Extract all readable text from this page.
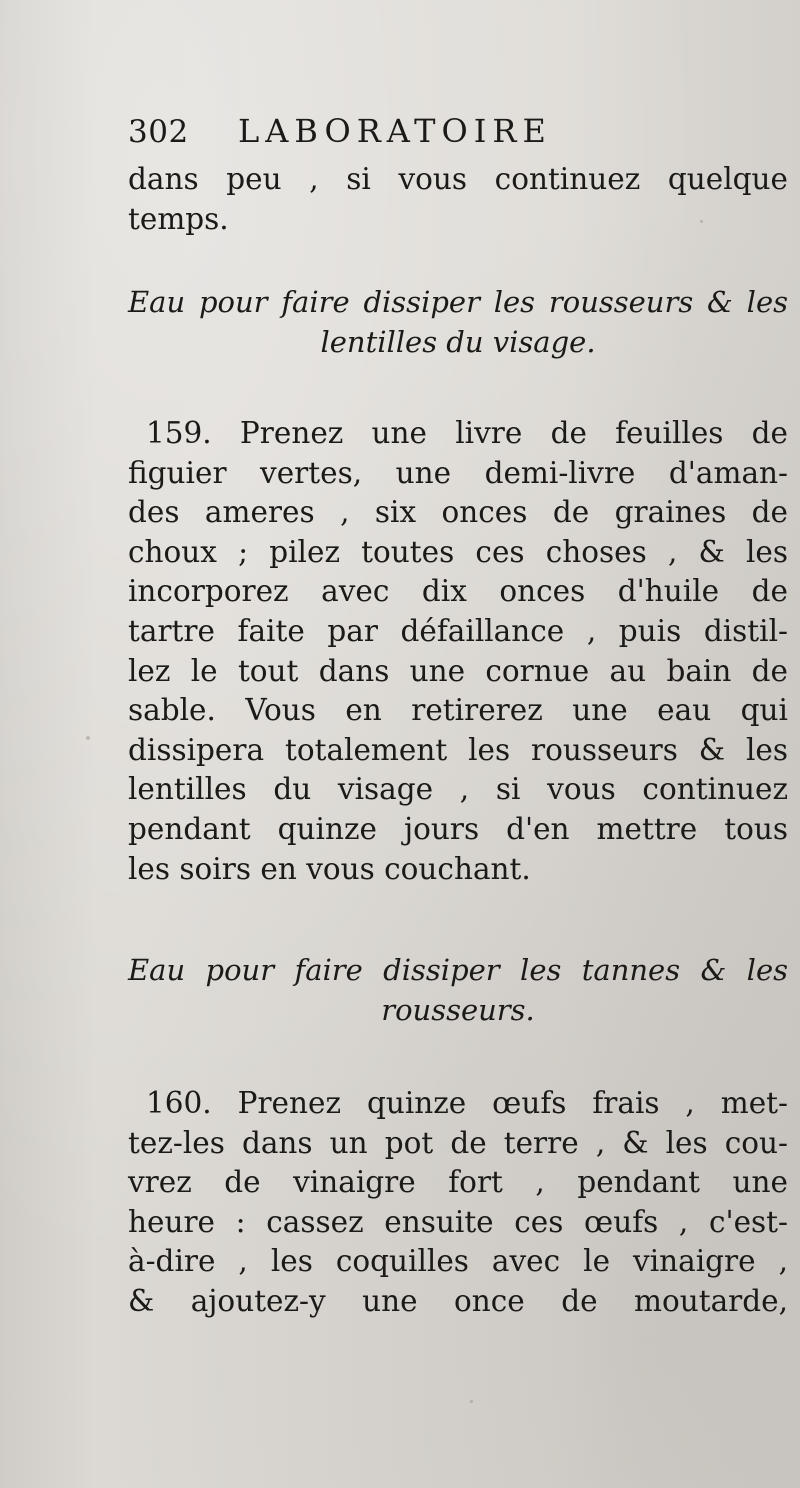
302	LABORATOIRE

dans peu , si vous continuez quelque
temps.

Eau pour faire dissiper les rousseurs & les
lentilles du visage.

159. Prenez une livre de feuilles de
figuier vertes, une demi-livre d'aman-
des ameres , six onces de graines de
choux ; pilez toutes ces choses , & les
incorporez avec dix onces d'huile de
tartre faite par défaillance , puis distil-
lez le tout dans une cornue au bain de
sable. Vous en retirerez une eau qui
dissipera totalement les rousseurs & les
lentilles du visage , si vous continuez
pendant quinze jours d'en mettre tous
les soirs en vous couchant.

Eau pour faire dissiper les tannes & les
rousseurs.

160. Prenez quinze œufs frais , met-
tez-les dans un pot de terre , & les cou-
vrez de vinaigre fort , pendant une
heure : cassez ensuite ces œufs , c'est-
à-dire , les coquilles avec le vinaigre ,
& ajoutez-y une once de moutarde,
